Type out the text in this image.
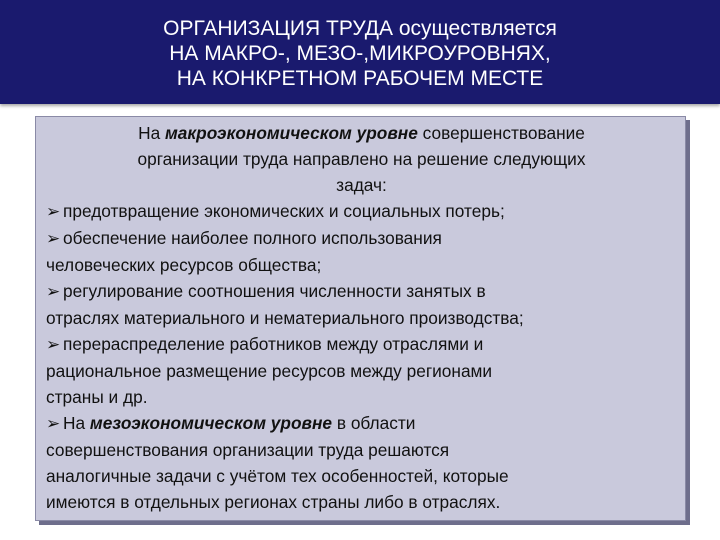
ОРГАНИЗАЦИЯ ТРУДА осуществляется
НА МАКРО-, МЕЗО-,МИКРОУРОВНЯХ,
НА КОНКРЕТНОМ РАБОЧЕМ МЕСТЕ

На макроэкономическом уровне совершенствование

организации труда направлено на решение следующих

задач:

➢ предотвращение экономических и социальных потерь;

➢ обеспечение наиболее полного использования

человеческих ресурсов общества;

➢ регулирование соотношения численности занятых в

отраслях материального и нематериального производства;

➢ перераспределение работников между отраслями и

рациональное размещение ресурсов между регионами

страны и др.

➢ На мезоэкономическом уровне в области

совершенствования организации труда решаются

аналогичные задачи с учётом тех особенностей, которые

имеются в отдельных регионах страны либо в отраслях.
